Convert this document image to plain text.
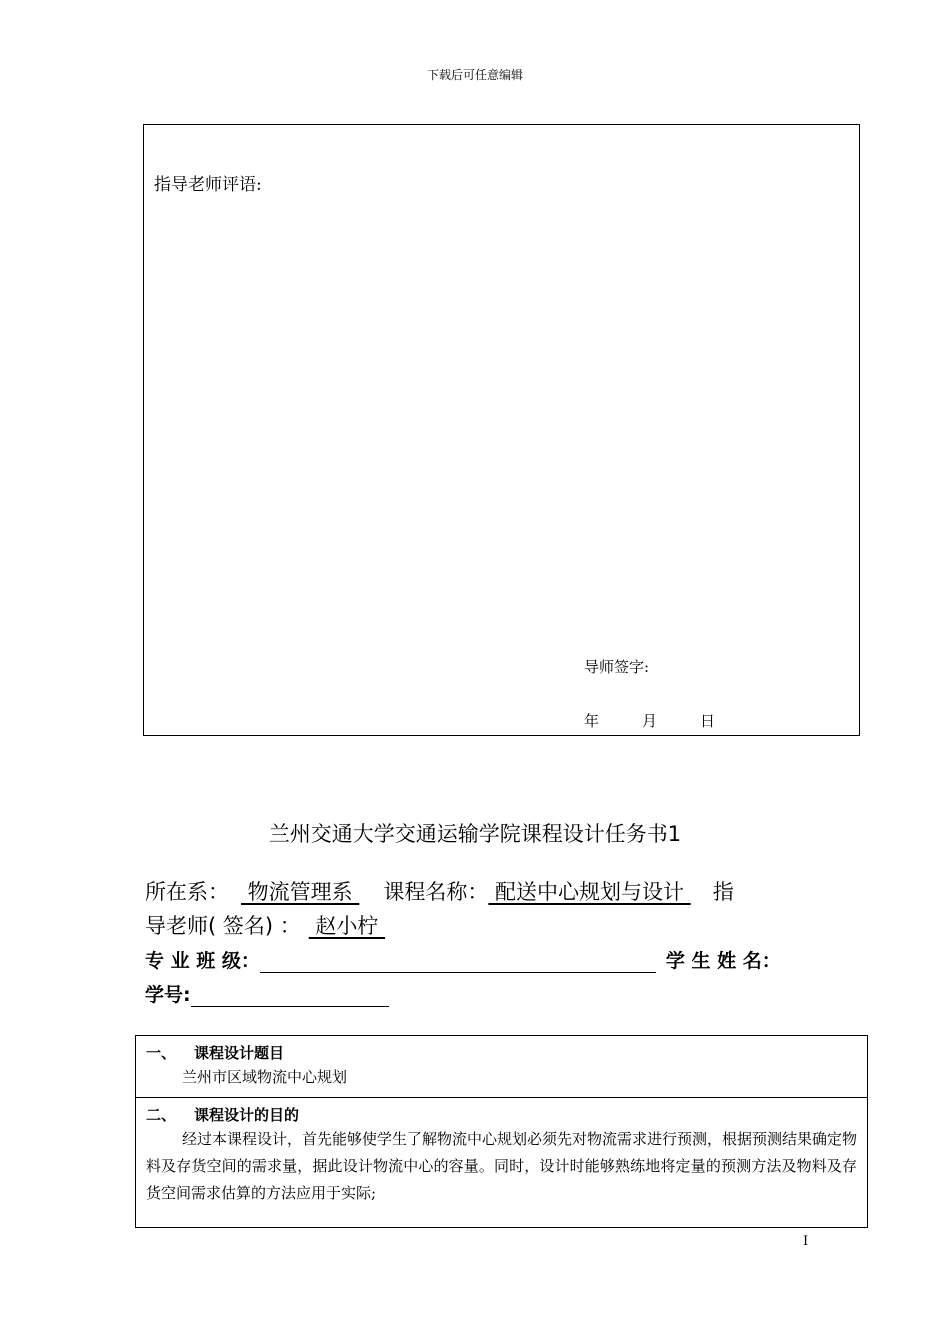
下载后可任意编辑
指导老师评语:
导师签字:
年	月	日
兰州交通大学交通运输学院课程设计任务书1
所在系： 物流管理系 课程名称： 配送中心规划与设计 指
导老师( 签名) ： 赵小柠
专 业 班 级：	学 生 姓 名：
学号:
一、 课程设计题目
兰州市区域物流中心规划
二、 课程设计的目的
经过本课程设计，首先能够使学生了解物流中心规划必须先对物流需求进行预测，根据预测结果确定物料及存货空间的需求量，据此设计物流中心的容量。同时，设计时能够熟练地将定量的预测方法及物料及存货空间需求估算的方法应用于实际;
I
